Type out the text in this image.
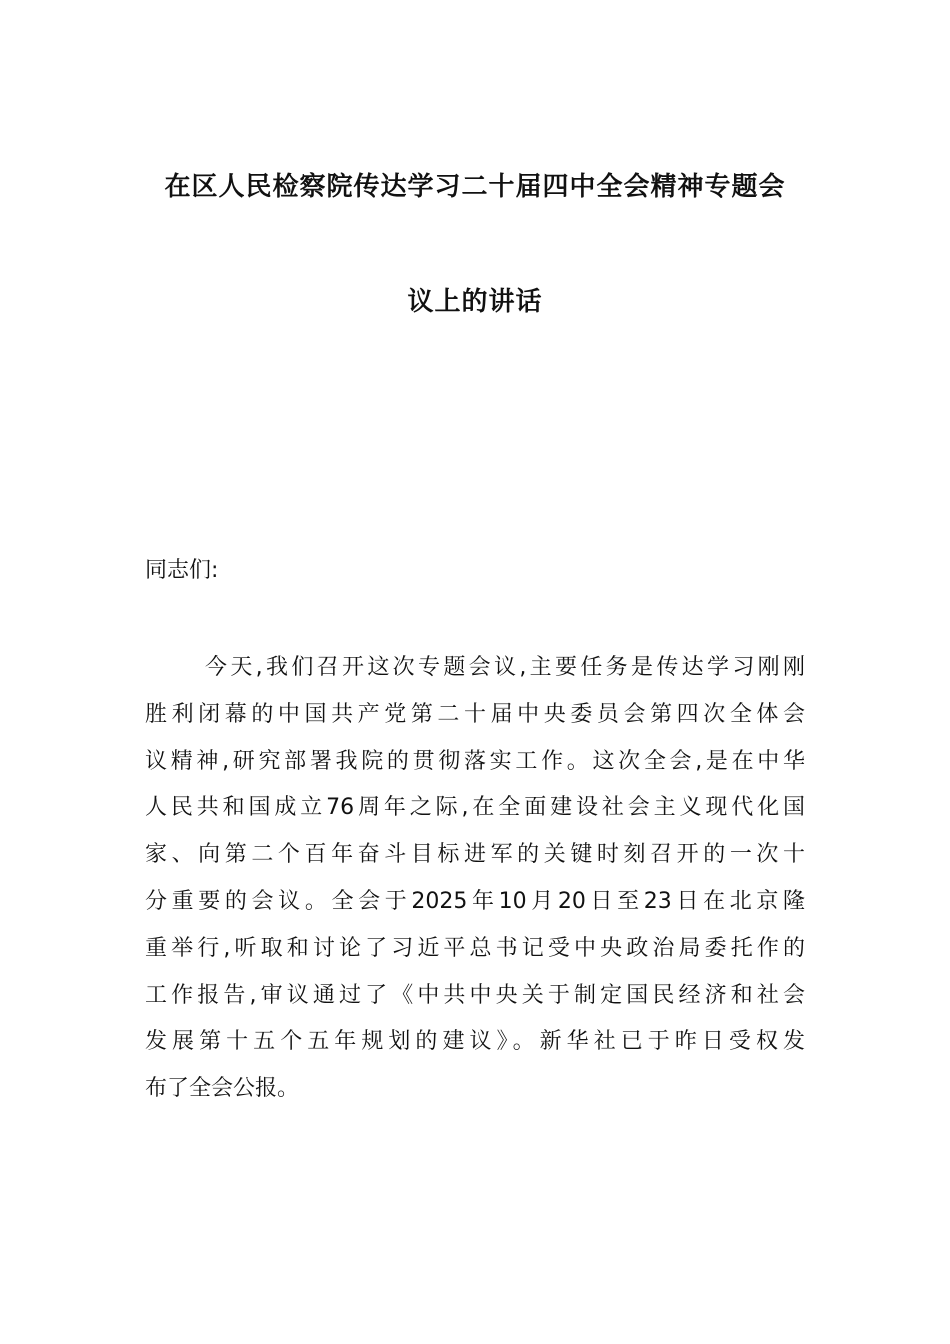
在区人民检察院传达学习二十届四中全会精神专题会
议上的讲话
同志们:
今天,我们召开这次专题会议,主要任务是传达学习刚刚
胜利闭幕的中国共产党第二十届中央委员会第四次全体会
议精神,研究部署我院的贯彻落实工作。这次全会,是在中华
人民共和国成立76周年之际,在全面建设社会主义现代化国
家、向第二个百年奋斗目标进军的关键时刻召开的一次十
分重要的会议。全会于2025年10月20日至23日在北京隆
重举行,听取和讨论了习近平总书记受中央政治局委托作的
工作报告,审议通过了《中共中央关于制定国民经济和社会
发展第十五个五年规划的建议》。新华社已于昨日受权发
布了全会公报。
